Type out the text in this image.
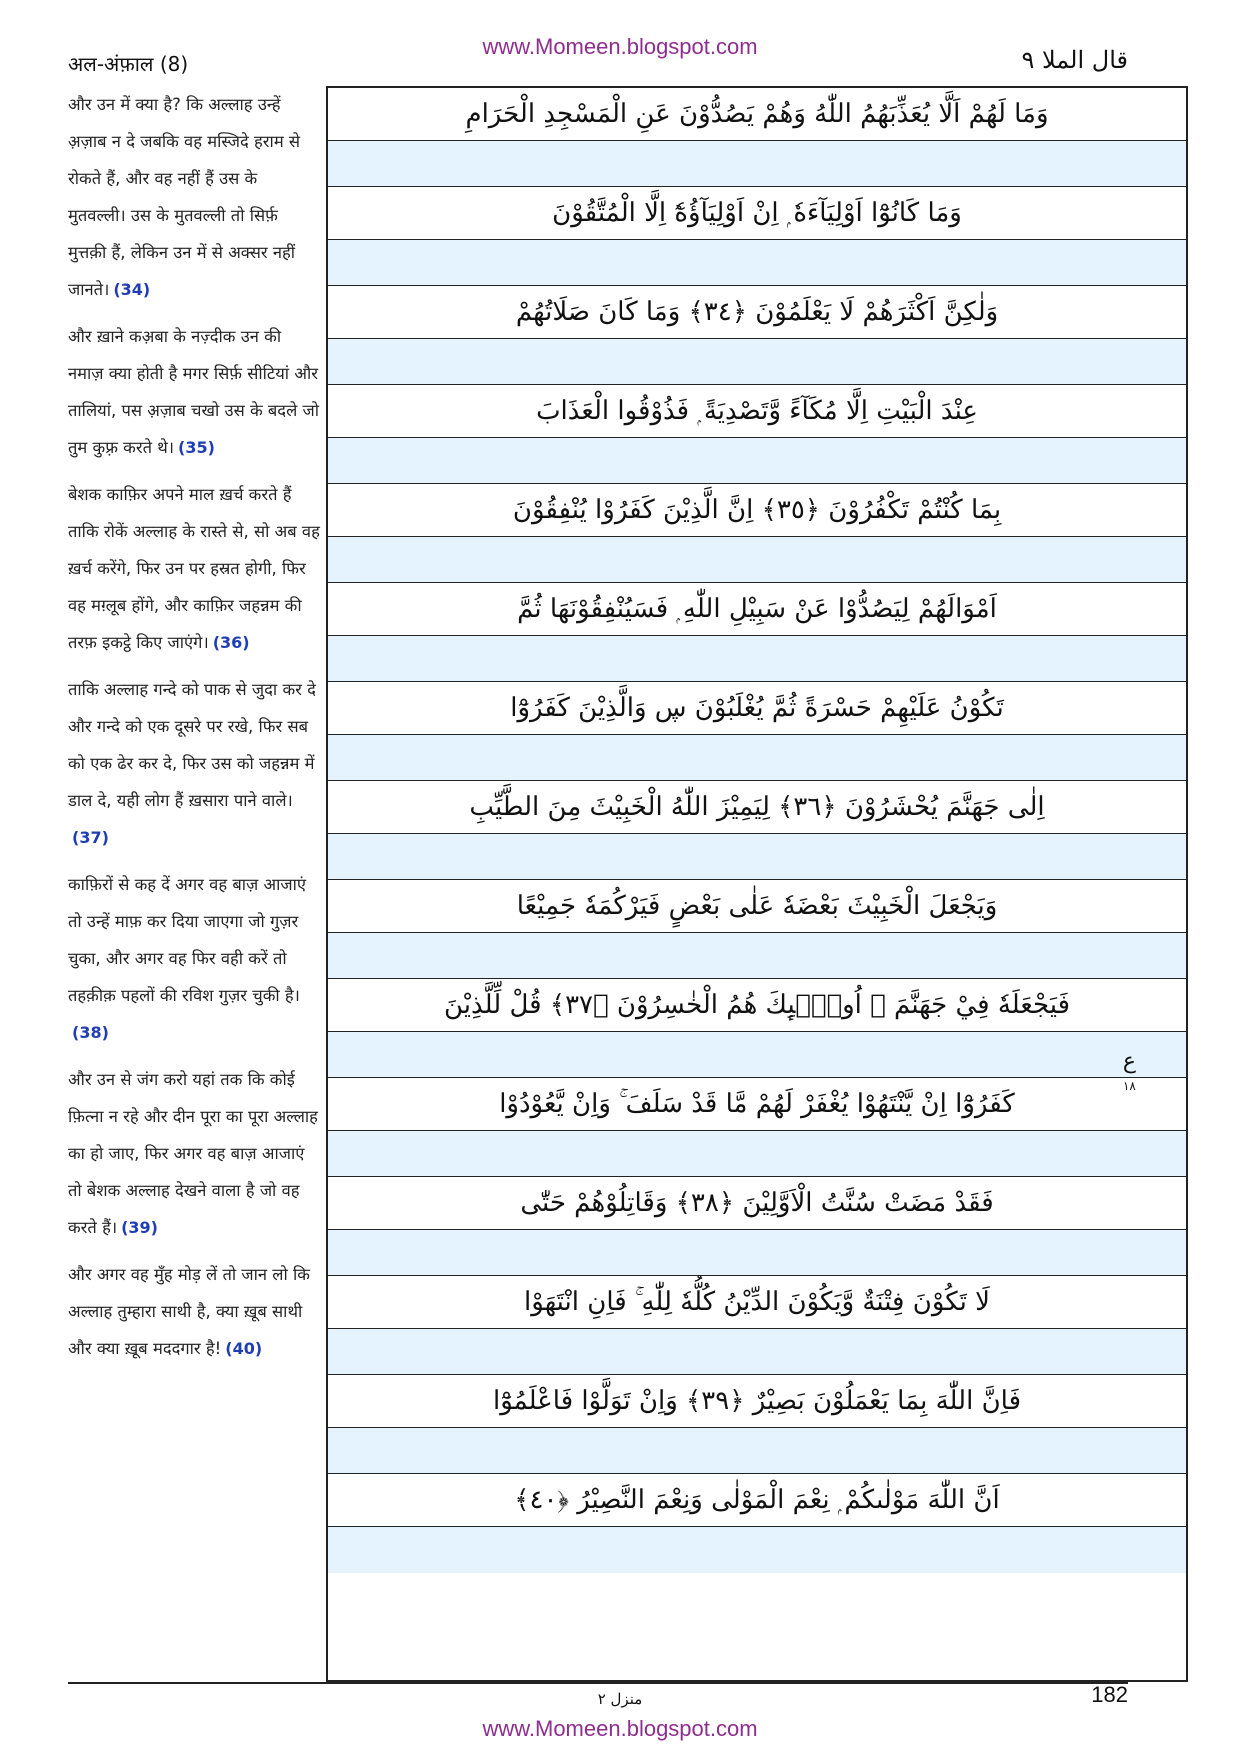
www.Momeen.blogspot.com
अल-अंफ़ाल (8)	قال الملا ٩

और उन में क्या है? कि अल्लाह उन्हें अ़ज़ाब न दे जबकि वह मस्जिदे हराम से रोकते हैं, और वह नहीं हैं उस के मुतवल्ली। उस के मुतवल्ली तो सिर्फ़ मुत्तक़ी हैं, लेकिन उन में से अक्सर नहीं जानते। (34)

और ख़ाने कअ़बा के नज़्दीक उन की नमाज़ क्या होती है मगर सिर्फ़ सीटियां और तालियां, पस अ़ज़ाब चखो उस के बदले जो तुम कुफ़्र करते थे। (35)

बेशक काफ़िर अपने माल ख़र्च करते हैं ताकि रोकें अल्लाह के रास्ते से, सो अब वह ख़र्च करेंगे, फिर उन पर हस्रत होगी, फिर वह मग़्लूब होंगे, और काफ़िर जहन्नम की तरफ़ इकट्ठे किए जाएंगे। (36)

ताकि अल्लाह गन्दे को पाक से जुदा कर दे और गन्दे को एक दूसरे पर रखे, फिर सब को एक ढेर कर दे, फिर उस को जहन्नम में डाल दे, यही लोग हैं ख़सारा पाने वाले।(37)

काफ़िरों से कह दें अगर वह बाज़ आजाएं तो उन्हें माफ़ कर दिया जाएगा जो गुज़र चुका, और अगर वह फिर वही करें तो तहक़ीक़ पहलों की रविश गुज़र चुकी है।(38)

और उन से जंग करो यहां तक कि कोई फ़ित्ना न रहे और दीन पूरा का पूरा अल्लाह का हो जाए, फिर अगर वह बाज़ आजाएं तो बेशक अल्लाह देखने वाला है जो वह करते हैं। (39)

और अगर वह मुँह मोड़ लें तो जान लो कि अल्लाह तुम्हारा साथी है, क्या ख़ूब साथी और क्या ख़ूब मददगार है! (40)

وَمَا لَهُمْ اَلَّا يُعَذِّبَهُمُ اللّٰهُ وَهُمْ يَصُدُّوْنَ عَنِ الْمَسْجِدِ الْحَرَامِ
وَمَا كَانُوْٓا اَوْلِيَآءَهٗ ۭ اِنْ اَوْلِيَآؤُهٗٓ اِلَّا الْمُتَّقُوْنَ
وَلٰكِنَّ اَكْثَرَهُمْ لَا يَعْلَمُوْنَ ﴿٣٤﴾ وَمَا كَانَ صَلَاتُهُمْ
عِنْدَ الْبَيْتِ اِلَّا مُكَآءً وَّتَصْدِيَةً ۭ فَذُوْقُوا الْعَذَابَ
بِمَا كُنْتُمْ تَكْفُرُوْنَ ﴿٣٥﴾ اِنَّ الَّذِيْنَ كَفَرُوْا يُنْفِقُوْنَ
اَمْوَالَهُمْ لِيَصُدُّوْا عَنْ سَبِيْلِ اللّٰهِ ۭ فَسَيُنْفِقُوْنَهَا ثُمَّ
تَكُوْنُ عَلَيْهِمْ حَسْرَةً ثُمَّ يُغْلَبُوْنَ ڛ وَالَّذِيْنَ كَفَرُوْٓا
اِلٰى جَهَنَّمَ يُحْشَرُوْنَ ﴿٣٦﴾ لِيَمِيْزَ اللّٰهُ الْخَبِيْثَ مِنَ الطَّيِّبِ
وَيَجْعَلَ الْخَبِيْثَ بَعْضَهٗ عَلٰى بَعْضٍ فَيَرْكُمَهٗ جَمِيْعًا
فَيَجْعَلَهٗ فِيْ جَهَنَّمَ ۭ اُولٰۗىِٕكَ هُمُ الْخٰسِرُوْنَ ﴿٣٧﴾ قُلْ لِّلَّذِيْنَ
كَفَرُوْٓا اِنْ يَّنْتَهُوْا يُغْفَرْ لَهُمْ مَّا قَدْ سَلَفَ ۚ وَاِنْ يَّعُوْدُوْا
فَقَدْ مَضَتْ سُنَّتُ الْاَوَّلِيْنَ ﴿٣٨﴾ وَقَاتِلُوْهُمْ حَتّٰى
لَا تَكُوْنَ فِتْنَةٌ وَّيَكُوْنَ الدِّيْنُ كُلُّهٗ لِلّٰهِ ۚ فَاِنِ انْتَهَوْا
فَاِنَّ اللّٰهَ بِمَا يَعْمَلُوْنَ بَصِيْرٌ ﴿٣٩﴾ وَاِنْ تَوَلَّوْا فَاعْلَمُوْٓا
اَنَّ اللّٰهَ مَوْلٰىكُمْ ۭ نِعْمَ الْمَوْلٰى وَنِعْمَ النَّصِيْرُ ﴿٤٠﴾
ع
١٨
منزل ٢	182
www.Momeen.blogspot.com
